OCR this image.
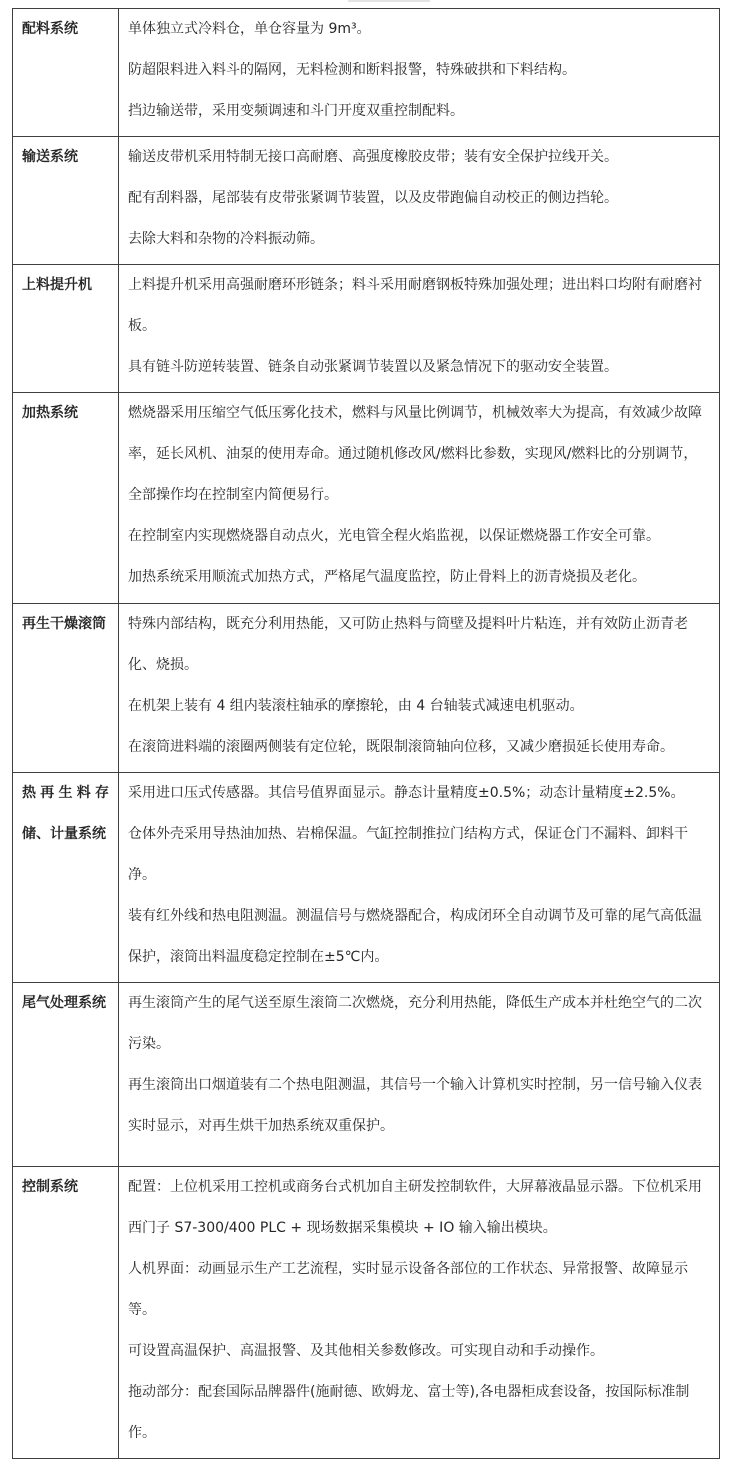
配料系统	单体独立式冷料仓，单仓容量为 9m³。

防超限料进入料斗的隔网，无料检测和断料报警，特殊破拱和下料结构。

挡边输送带，采用变频调速和斗门开度双重控制配料。

输送系统	输送皮带机采用特制无接口高耐磨、高强度橡胶皮带；装有安全保护拉线开关。

配有刮料器，尾部装有皮带张紧调节装置，以及皮带跑偏自动校正的侧边挡轮。

去除大料和杂物的冷料振动筛。

上料提升机	上料提升机采用高强耐磨环形链条；料斗采用耐磨钢板特殊加强处理；进出料口均附有耐磨衬板。

具有链斗防逆转装置、链条自动张紧调节装置以及紧急情况下的驱动安全装置。

加热系统	燃烧器采用压缩空气低压雾化技术，燃料与风量比例调节，机械效率大为提高，有效减少故障率，延长风机、油泵的使用寿命。通过随机修改风/燃料比参数，实现风/燃料比的分别调节，全部操作均在控制室内简便易行。

在控制室内实现燃烧器自动点火，光电管全程火焰监视，以保证燃烧器工作安全可靠。

加热系统采用顺流式加热方式，严格尾气温度监控，防止骨料上的沥青烧损及老化。

再生干燥滚筒	特殊内部结构，既充分利用热能，又可防止热料与筒壁及提料叶片粘连，并有效防止沥青老化、烧损。

在机架上装有 4 组内装滚柱轴承的摩擦轮，由 4 台轴装式减速电机驱动。

在滚筒进料端的滚圈两侧装有定位轮，既限制滚筒轴向位移，又减少磨损延长使用寿命。

热再生料存储、计量系统	采用进口压式传感器。其信号值界面显示。静态计量精度±0.5%；动态计量精度±2.5%。

仓体外壳采用导热油加热、岩棉保温。气缸控制推拉门结构方式，保证仓门不漏料、卸料干净。

装有红外线和热电阻测温。测温信号与燃烧器配合，构成闭环全自动调节及可靠的尾气高低温保护，滚筒出料温度稳定控制在±5℃内。

尾气处理系统	再生滚筒产生的尾气送至原生滚筒二次燃烧，充分利用热能，降低生产成本并杜绝空气的二次污染。

再生滚筒出口烟道装有二个热电阻测温，其信号一个输入计算机实时控制，另一信号输入仪表实时显示，对再生烘干加热系统双重保护。

控制系统	配置：上位机采用工控机或商务台式机加自主研发控制软件，大屏幕液晶显示器。下位机采用西门子 S7-300/400 PLC + 现场数据采集模块 + IO 输入输出模块。

人机界面：动画显示生产工艺流程，实时显示设备各部位的工作状态、异常报警、故障显示等。

可设置高温保护、高温报警、及其他相关参数修改。可实现自动和手动操作。

拖动部分：配套国际品牌器件(施耐德、欧姆龙、富士等),各电器柜成套设备，按国际标准制作。
